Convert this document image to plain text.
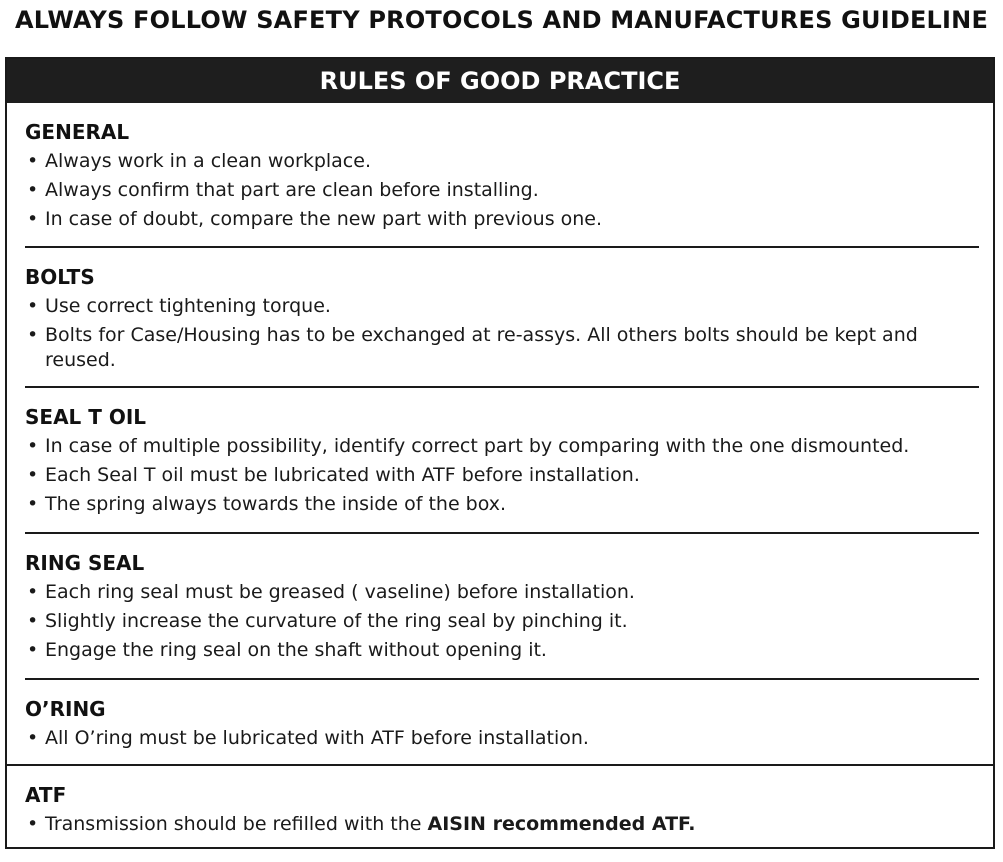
ALWAYS FOLLOW SAFETY PROTOCOLS AND MANUFACTURES GUIDELINE
RULES OF GOOD PRACTICE
GENERAL
• Always work in a clean workplace.
• Always confirm that part are clean before installing.
• In case of doubt, compare the new part with previous one.
BOLTS
• Use correct tightening torque.
• Bolts for Case/Housing has to be exchanged at re-assys. All others bolts should be kept and reused.
SEAL T OIL
• In case of multiple possibility, identify correct part by comparing with the one dismounted.
• Each Seal T oil must be lubricated with ATF before installation.
• The spring always towards the inside of the box.
RING SEAL
• Each ring seal must be greased ( vaseline) before installation.
• Slightly increase the curvature of the ring seal by pinching it.
• Engage the ring seal on the shaft without opening it.
O’RING
• All O’ring must be lubricated with ATF before installation.
ATF
• Transmission should be refilled with the AISIN recommended ATF.
